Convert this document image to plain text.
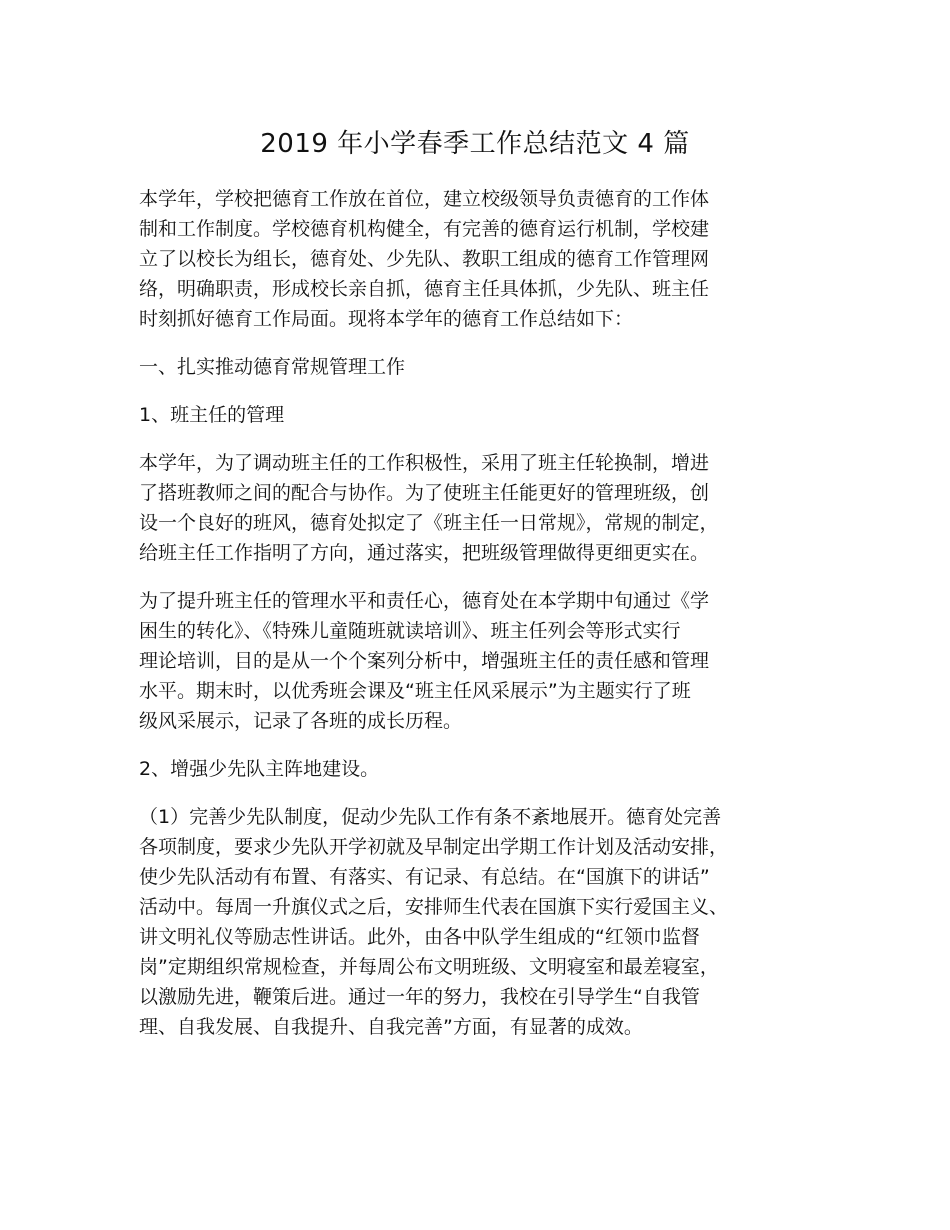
2019 年小学春季工作总结范文 4 篇
本学年，学校把德育工作放在首位，建立校级领导负责德育的工作体
制和工作制度。学校德育机构健全，有完善的德育运行机制，学校建
立了以校长为组长，德育处、少先队、教职工组成的德育工作管理网
络，明确职责，形成校长亲自抓，德育主任具体抓，少先队、班主任
时刻抓好德育工作局面。现将本学年的德育工作总结如下：
一、扎实推动德育常规管理工作
1、班主任的管理
本学年，为了调动班主任的工作积极性，采用了班主任轮换制，增进
了搭班教师之间的配合与协作。为了使班主任能更好的管理班级，创
设一个良好的班风，德育处拟定了《班主任一日常规》，常规的制定，
给班主任工作指明了方向，通过落实，把班级管理做得更细更实在。
为了提升班主任的管理水平和责任心，德育处在本学期中旬通过《学
困生的转化》、《特殊儿童随班就读培训》、班主任列会等形式实行
理论培训，目的是从一个个案列分析中，增强班主任的责任感和管理
水平。期末时，以优秀班会课及“班主任风采展示”为主题实行了班
级风采展示，记录了各班的成长历程。
2、增强少先队主阵地建设。
（1）完善少先队制度，促动少先队工作有条不紊地展开。德育处完善
各项制度，要求少先队开学初就及早制定出学期工作计划及活动安排，
使少先队活动有布置、有落实、有记录、有总结。在“国旗下的讲话”
活动中。每周一升旗仪式之后，安排师生代表在国旗下实行爱国主义、
讲文明礼仪等励志性讲话。此外，由各中队学生组成的“红领巾监督
岗”定期组织常规检查，并每周公布文明班级、文明寝室和最差寝室，
以激励先进，鞭策后进。通过一年的努力，我校在引导学生“自我管
理、自我发展、自我提升、自我完善”方面，有显著的成效。
